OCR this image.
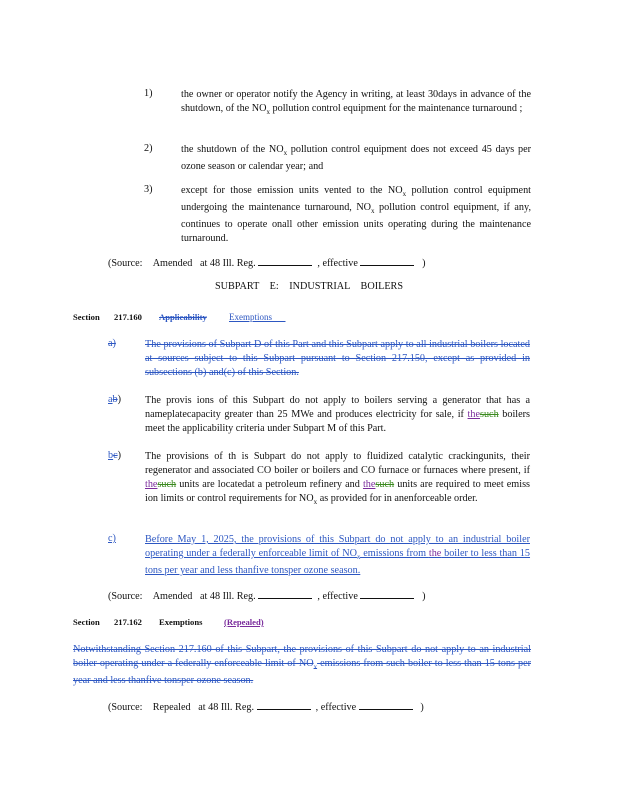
1)	the owner or operator notify the Agency in writing, at least 30days in advance of the shutdown, of the $NO_x$ pollution control equipment for the maintenance turnaround ;
2)	the shutdown of the $NO_x$ pollution control equipment does not exceed 45 days per ozone season or calendar year; and
3)	except for those emission units vented to the $NO_x$ pollution control equipment undergoing the maintenance turnaround, $NO_x$ pollution control equipment, if any, continues to operate onall other emission units operating during the maintenance turnaround.
(Source: Amended at 48 Ill. Reg.	, effective	)
SUBPART E: INDUSTRIAL BOILERS
Section 217.160 Applicability Exemptions
a)	The provisions of Subpart D of this Part and this Subpart apply to all industrial boilers located at sources subject to this Subpart pursuant to Section 217.150, except as provided in subsections (b) and(c) of this Section.
ab) The provis ions of this Subpart do not apply to boilers serving a generator that has a nameplatecapacity greater than 25 MWe and produces electricity for sale, if thesuch boilers meet the applicability criteria under Subpart M of this Part.
bc) The provisions of th is Subpart do not apply to fluidized catalytic crackingunits, their regenerator and associated CO boiler or boilers and CO furnace or furnaces where present, if thesuch units are locatedat a petroleum refinery and thesuch units are required to meet emiss ion limits or control requirements for $NO_x$ as provided for in anenforceable order.
c)	Before May 1, 2025, the provisions of this Subpart do not apply to an industrial boiler operating under a federally enforceable limit of $NO_x$ emissions from the boiler to less than 15 tons per year and less thanfive tonsper ozone season.
(Source: Amended at 48 Ill. Reg.	, effective	)
Section 217.162 Exemptions	(Repealed)
Notwithstanding Section 217.160 of this Subpart, the provisions of this Subpart do not apply to an industrial boiler operating under a federally enforceable limit of $NO_x$ emissions from such boiler to less than 15 tons per year and less thanfive tonsper ozone season.
(Source: Repealed at 48 Ill. Reg.	, effective	)
